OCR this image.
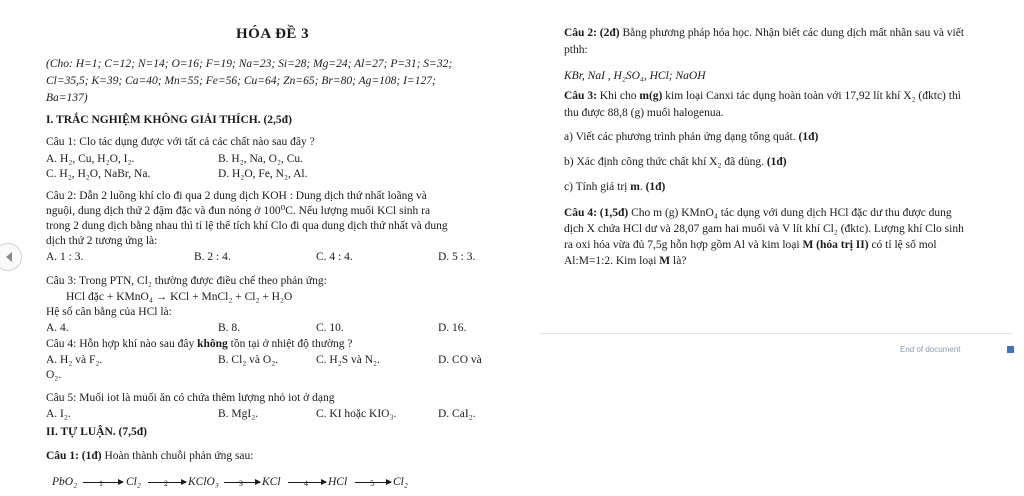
HÓA ĐỀ 3
(Cho: H=1; C=12; N=14; O=16; F=19; Na=23; Si=28; Mg=24; Al=27; P=31; S=32;
Cl=35,5; K=39; Ca=40; Mn=55; Fe=56; Cu=64; Zn=65; Br=80; Ag=108; I=127;
Ba=137)
I. TRẮC NGHIỆM KHÔNG GIẢI THÍCH. (2,5đ)
Câu 1: Clo tác dụng được với tất cả các chất nào sau đây ?
A. H₂, Cu, H₂O, I₂.	B. H₂, Na, O₂, Cu.
C. H₂, H₂O, NaBr, Na.	D. H₂O, Fe, N₂, Al.
Câu 2: Dẫn 2 luồng khí clo đi qua 2 dung dịch KOH : Dung dịch thứ nhất loãng và
nguội, dung dịch thứ 2 đậm đặc và đun nóng ở 100⁰C. Nếu lượng muối KCl sinh ra
trong 2 dung dịch bằng nhau thì tỉ lệ thể tích khí Clo đi qua dung dịch thứ nhất và dung
dịch thứ 2 tương ứng là:
A. 1 : 3.	B. 2 : 4.	C. 4 : 4.	D. 5 : 3.
Câu 3: Trong PTN, Cl₂ thường được điều chế theo phản ứng:
HCl đặc + KMnO₄ → KCl + MnCl₂ + Cl₂ + H₂O
Hệ số cân bằng của HCl là:
A. 4.	B. 8.	C. 10.	D. 16.
Câu 4: Hỗn hợp khí nào sau đây không tồn tại ở nhiệt độ thường ?
A. H₂ và F₂.	B. Cl₂ và O₂.	C. H₂S và N₂.	D. CO và
O₂.
Câu 5: Muối iot là muối ăn có chứa thêm lượng nhỏ iot ở dạng
A. I₂.	B. MgI₂.	C. KI hoặc KIO₃.	D. CaI₂.
II. TỰ LUẬN. (7,5đ)
Câu 1: (1đ) Hoàn thành chuỗi phản ứng sau:
PbO₂	1 Cl₂	2 KClO₃	3 KCl	4 HCl	5 Cl₂
Câu 2: (2đ) Bằng phương pháp hóa học. Nhận biết các dung dịch mất nhãn sau và viết
pthh:
KBr, NaI , H₂SO₄, HCl; NaOH
Câu 3: Khi cho m(g) kim loại Canxi tác dụng hoàn toàn với 17,92 lít khí X₂ (đktc) thì
thu được 88,8 (g) muối halogenua.
a) Viết các phương trình phản ứng dạng tổng quát. (1đ)
b) Xác định công thức chất khí X₂ đã dùng. (1đ)
c) Tính giá trị m. (1đ)
Câu 4: (1,5đ) Cho m (g) KMnO₄ tác dụng với dung dịch HCl đặc dư thu được dung
dịch X chứa HCl dư và 28,07 gam hai muối và V lít khí Cl₂ (đktc). Lượng khí Clo sinh
ra oxi hóa vừa đủ 7,5g hỗn hợp gồm Al và kim loại M (hóa trị II) có tỉ lệ số mol
Al:M=1:2. Kim loại M là?
End of document
